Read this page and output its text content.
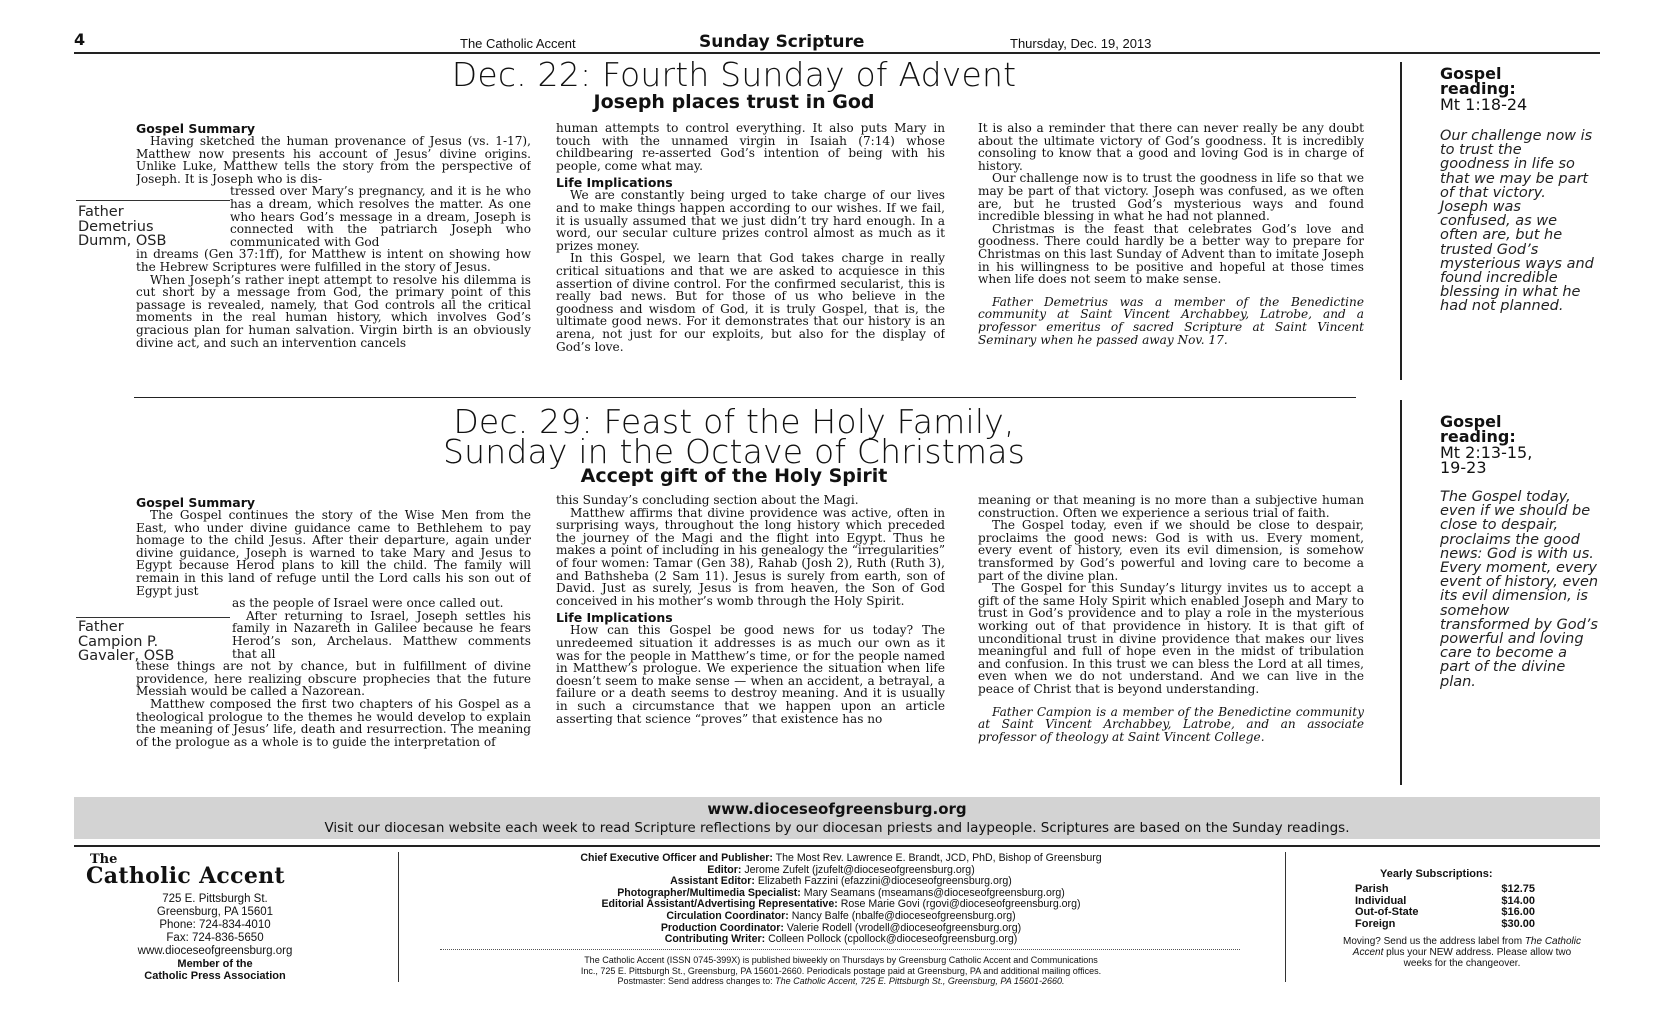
4	The Catholic Accent	Sunday Scripture	Thursday, Dec. 19, 2013
Dec. 22: Fourth Sunday of Advent
Joseph places trust in God
Father
Demetrius
Dumm, OSB
Gospel Summary

Having sketched the human provenance of Jesus (vs. 1-17), Matthew now presents his account of Jesus’ divine origins. Unlike Luke, Matthew tells the story from the perspective of Joseph. It is Joseph who is dis-

tressed over Mary’s pregnancy, and it is he who has a dream, which resolves the matter. As one who hears God’s message in a dream, Joseph is connected with the patriarch Joseph who communicated with God

in dreams (Gen 37:1ff), for Matthew is intent on showing how the Hebrew Scriptures were fulfilled in the story of Jesus.

When Joseph’s rather inept attempt to resolve his dilemma is cut short by a message from God, the primary point of this passage is revealed, namely, that God controls all the critical moments in the real human history, which involves God’s gracious plan for human salvation. Virgin birth is an obviously divine act, and such an intervention cancels

human attempts to control everything. It also puts Mary in touch with the unnamed virgin in Isaiah (7:14) whose childbearing re-asserted God’s intention of being with his people, come what may.

Life Implications

We are constantly being urged to take charge of our lives and to make things happen according to our wishes. If we fail, it is usually assumed that we just didn’t try hard enough. In a word, our secular culture prizes control almost as much as it prizes money.

In this Gospel, we learn that God takes charge in really critical situations and that we are asked to acquiesce in this assertion of divine control. For the confirmed secularist, this is really bad news. But for those of us who believe in the goodness and wisdom of God, it is truly Gospel, that is, the ultimate good news. For it demonstrates that our history is an arena, not just for our exploits, but also for the display of God’s love.

It is also a reminder that there can never really be any doubt about the ultimate victory of God’s goodness. It is incredibly consoling to know that a good and loving God is in charge of history.

Our challenge now is to trust the goodness in life so that we may be part of that victory. Joseph was confused, as we often are, but he trusted God’s mysterious ways and found incredible blessing in what he had not planned.

Christmas is the feast that celebrates God’s love and goodness. There could hardly be a better way to prepare for Christmas on this last Sunday of Advent than to imitate Joseph in his willingness to be positive and hopeful at those times when life does not seem to make sense.

Father Demetrius was a member of the Benedictine community at Saint Vincent Archabbey, Latrobe, and a professor emeritus of sacred Scripture at Saint Vincent Seminary when he passed away Nov. 17.

Gospel
reading:
Mt 1:18-24
Our challenge now is to trust the goodness in life so that we may be part of that victory. Joseph was confused, as we often are, but he trusted God’s mysterious ways and found incredible blessing in what he had not planned.
Dec. 29: Feast of the Holy Family,
Sunday in the Octave of Christmas
Accept gift of the Holy Spirit
Father
Campion P.
Gavaler, OSB
Gospel Summary

The Gospel continues the story of the Wise Men from the East, who under divine guidance came to Bethlehem to pay homage to the child Jesus. After their departure, again under divine guidance, Joseph is warned to take Mary and Jesus to Egypt because Herod plans to kill the child. The family will remain in this land of refuge until the Lord calls his son out of Egypt just

as the people of Israel were once called out.

After returning to Israel, Joseph settles his family in Nazareth in Galilee because he fears Herod’s son, Archelaus. Matthew comments that all

these things are not by chance, but in fulfillment of divine providence, here realizing obscure prophecies that the future Messiah would be called a Nazorean.

Matthew composed the first two chapters of his Gospel as a theological prologue to the themes he would develop to explain the meaning of Jesus’ life, death and resurrection. The meaning of the prologue as a whole is to guide the interpretation of

this Sunday’s concluding section about the Magi.

Matthew affirms that divine providence was active, often in surprising ways, throughout the long history which preceded the journey of the Magi and the flight into Egypt. Thus he makes a point of including in his genealogy the “irregularities” of four women: Tamar (Gen 38), Rahab (Josh 2), Ruth (Ruth 3), and Bathsheba (2 Sam 11). Jesus is surely from earth, son of David. Just as surely, Jesus is from heaven, the Son of God conceived in his mother’s womb through the Holy Spirit.

Life Implications

How can this Gospel be good news for us today? The unredeemed situation it addresses is as much our own as it was for the people in Matthew’s time, or for the people named in Matthew’s prologue. We experience the situation when life doesn’t seem to make sense — when an accident, a betrayal, a failure or a death seems to destroy meaning. And it is usually in such a circumstance that we happen upon an article asserting that science “proves” that existence has no

meaning or that meaning is no more than a subjective human construction. Often we experience a serious trial of faith.

The Gospel today, even if we should be close to despair, proclaims the good news: God is with us. Every moment, every event of history, even its evil dimension, is somehow transformed by God’s powerful and loving care to become a part of the divine plan.

The Gospel for this Sunday’s liturgy invites us to accept a gift of the same Holy Spirit which enabled Joseph and Mary to trust in God’s providence and to play a role in the mysterious working out of that providence in history. It is that gift of unconditional trust in divine providence that makes our lives meaningful and full of hope even in the midst of tribulation and confusion. In this trust we can bless the Lord at all times, even when we do not understand. And we can live in the peace of Christ that is beyond understanding.

Father Campion is a member of the Benedictine community at Saint Vincent Archabbey, Latrobe, and an associate professor of theology at Saint Vincent College.

Gospel
reading:
Mt 2:13-15,
19-23
The Gospel today, even if we should be close to despair, proclaims the good news: God is with us. Every moment, every event of history, even its evil dimension, is somehow transformed by God’s powerful and loving care to become a part of the divine plan.
www.dioceseofgreensburg.org
Visit our diocesan website each week to read Scripture reflections by our diocesan priests and laypeople. Scriptures are based on the Sunday readings.
The
Catholic Accent
725 E. Pittsburgh St.
Greensburg, PA 15601
Phone: 724-834-4010
Fax: 724-836-5650
www.dioceseofgreensburg.org
Member of the
Catholic Press Association
Chief Executive Officer and Publisher: The Most Rev. Lawrence E. Brandt, JCD, PhD, Bishop of Greensburg
Editor: Jerome Zufelt (jzufelt@dioceseofgreensburg.org)
Assistant Editor: Elizabeth Fazzini (efazzini@dioceseofgreensburg.org)
Photographer/Multimedia Specialist: Mary Seamans (mseamans@dioceseofgreensburg.org)
Editorial Assistant/Advertising Representative: Rose Marie Govi (rgovi@dioceseofgreensburg.org)
Circulation Coordinator: Nancy Balfe (nbalfe@dioceseofgreensburg.org)
Production Coordinator: Valerie Rodell (vrodell@dioceseofgreensburg.org)
Contributing Writer: Colleen Pollock (cpollock@dioceseofgreensburg.org)
The Catholic Accent (ISSN 0745-399X) is published biweekly on Thursdays by Greensburg Catholic Accent and Communications
Inc., 725 E. Pittsburgh St., Greensburg, PA 15601-2660. Periodicals postage paid at Greensburg, PA and additional mailing offices.
Postmaster: Send address changes to: The Catholic Accent, 725 E. Pittsburgh St., Greensburg, PA 15601-2660.
Yearly Subscriptions:
Parish	$12.75
Individual	$14.00
Out-of-State	$16.00
Foreign	$30.00
Moving? Send us the address label from The Catholic Accent plus your NEW address. Please allow two weeks for the changeover.
